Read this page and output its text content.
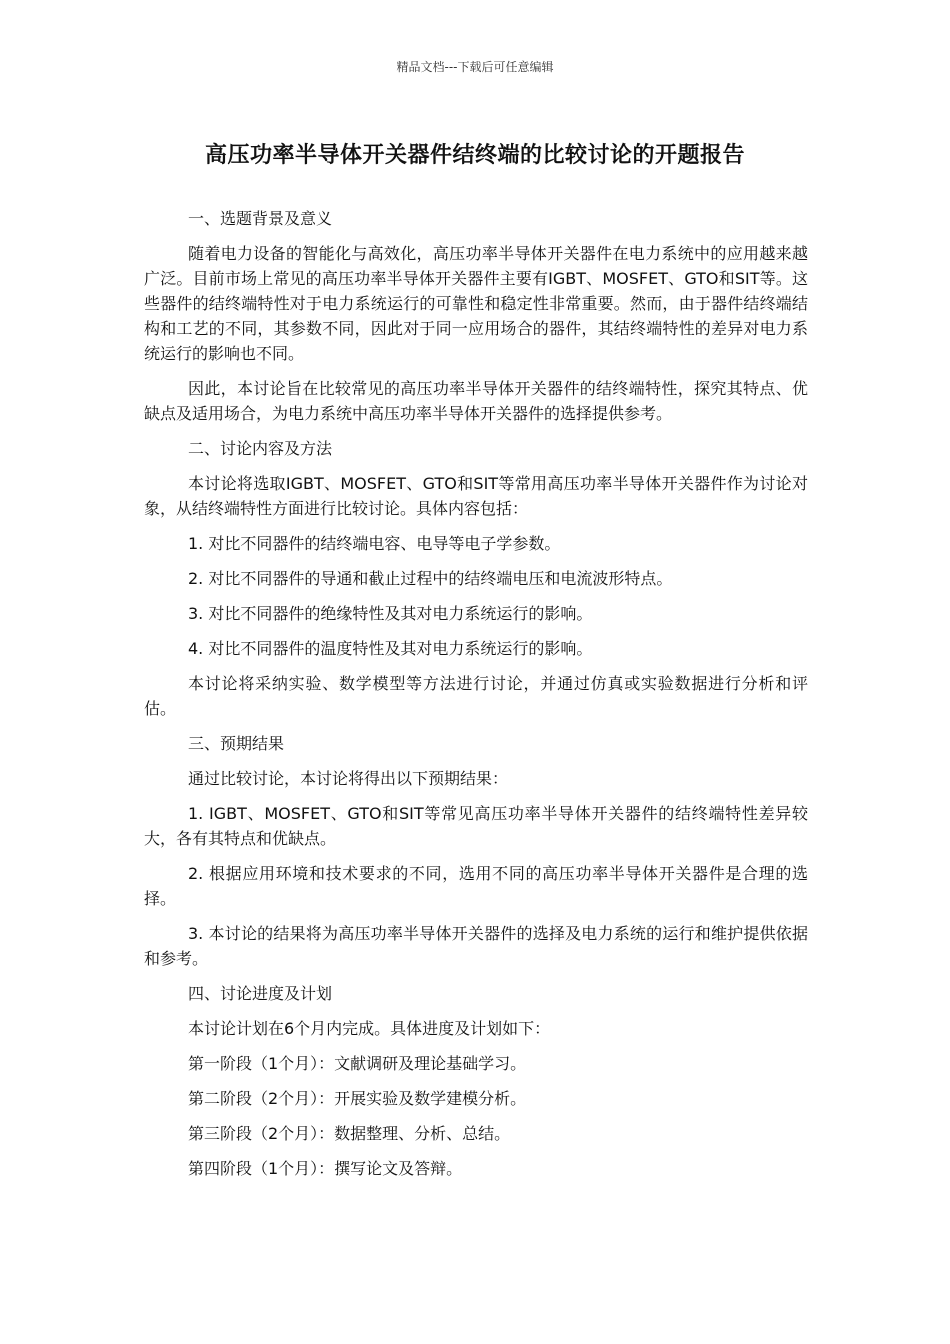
精品文档---下载后可任意编辑
高压功率半导体开关器件结终端的比较讨论的开题报告
一、选题背景及意义
随着电力设备的智能化与高效化，高压功率半导体开关器件在电力系统中的应用越来越广泛。目前市场上常见的高压功率半导体开关器件主要有IGBT、MOSFET、GTO和SIT等。这些器件的结终端特性对于电力系统运行的可靠性和稳定性非常重要。然而，由于器件结终端结构和工艺的不同，其参数不同，因此对于同一应用场合的器件，其结终端特性的差异对电力系统运行的影响也不同。
因此，本讨论旨在比较常见的高压功率半导体开关器件的结终端特性，探究其特点、优缺点及适用场合，为电力系统中高压功率半导体开关器件的选择提供参考。
二、讨论内容及方法
本讨论将选取IGBT、MOSFET、GTO和SIT等常用高压功率半导体开关器件作为讨论对象，从结终端特性方面进行比较讨论。具体内容包括：
1. 对比不同器件的结终端电容、电导等电子学参数。
2. 对比不同器件的导通和截止过程中的结终端电压和电流波形特点。
3. 对比不同器件的绝缘特性及其对电力系统运行的影响。
4. 对比不同器件的温度特性及其对电力系统运行的影响。
本讨论将采纳实验、数学模型等方法进行讨论，并通过仿真或实验数据进行分析和评估。
三、预期结果
通过比较讨论，本讨论将得出以下预期结果：
1. IGBT、MOSFET、GTO和SIT等常见高压功率半导体开关器件的结终端特性差异较大，各有其特点和优缺点。
2. 根据应用环境和技术要求的不同，选用不同的高压功率半导体开关器件是合理的选择。
3. 本讨论的结果将为高压功率半导体开关器件的选择及电力系统的运行和维护提供依据和参考。
四、讨论进度及计划
本讨论计划在6个月内完成。具体进度及计划如下：
第一阶段（1个月）：文献调研及理论基础学习。
第二阶段（2个月）：开展实验及数学建模分析。
第三阶段（2个月）：数据整理、分析、总结。
第四阶段（1个月）：撰写论文及答辩。
